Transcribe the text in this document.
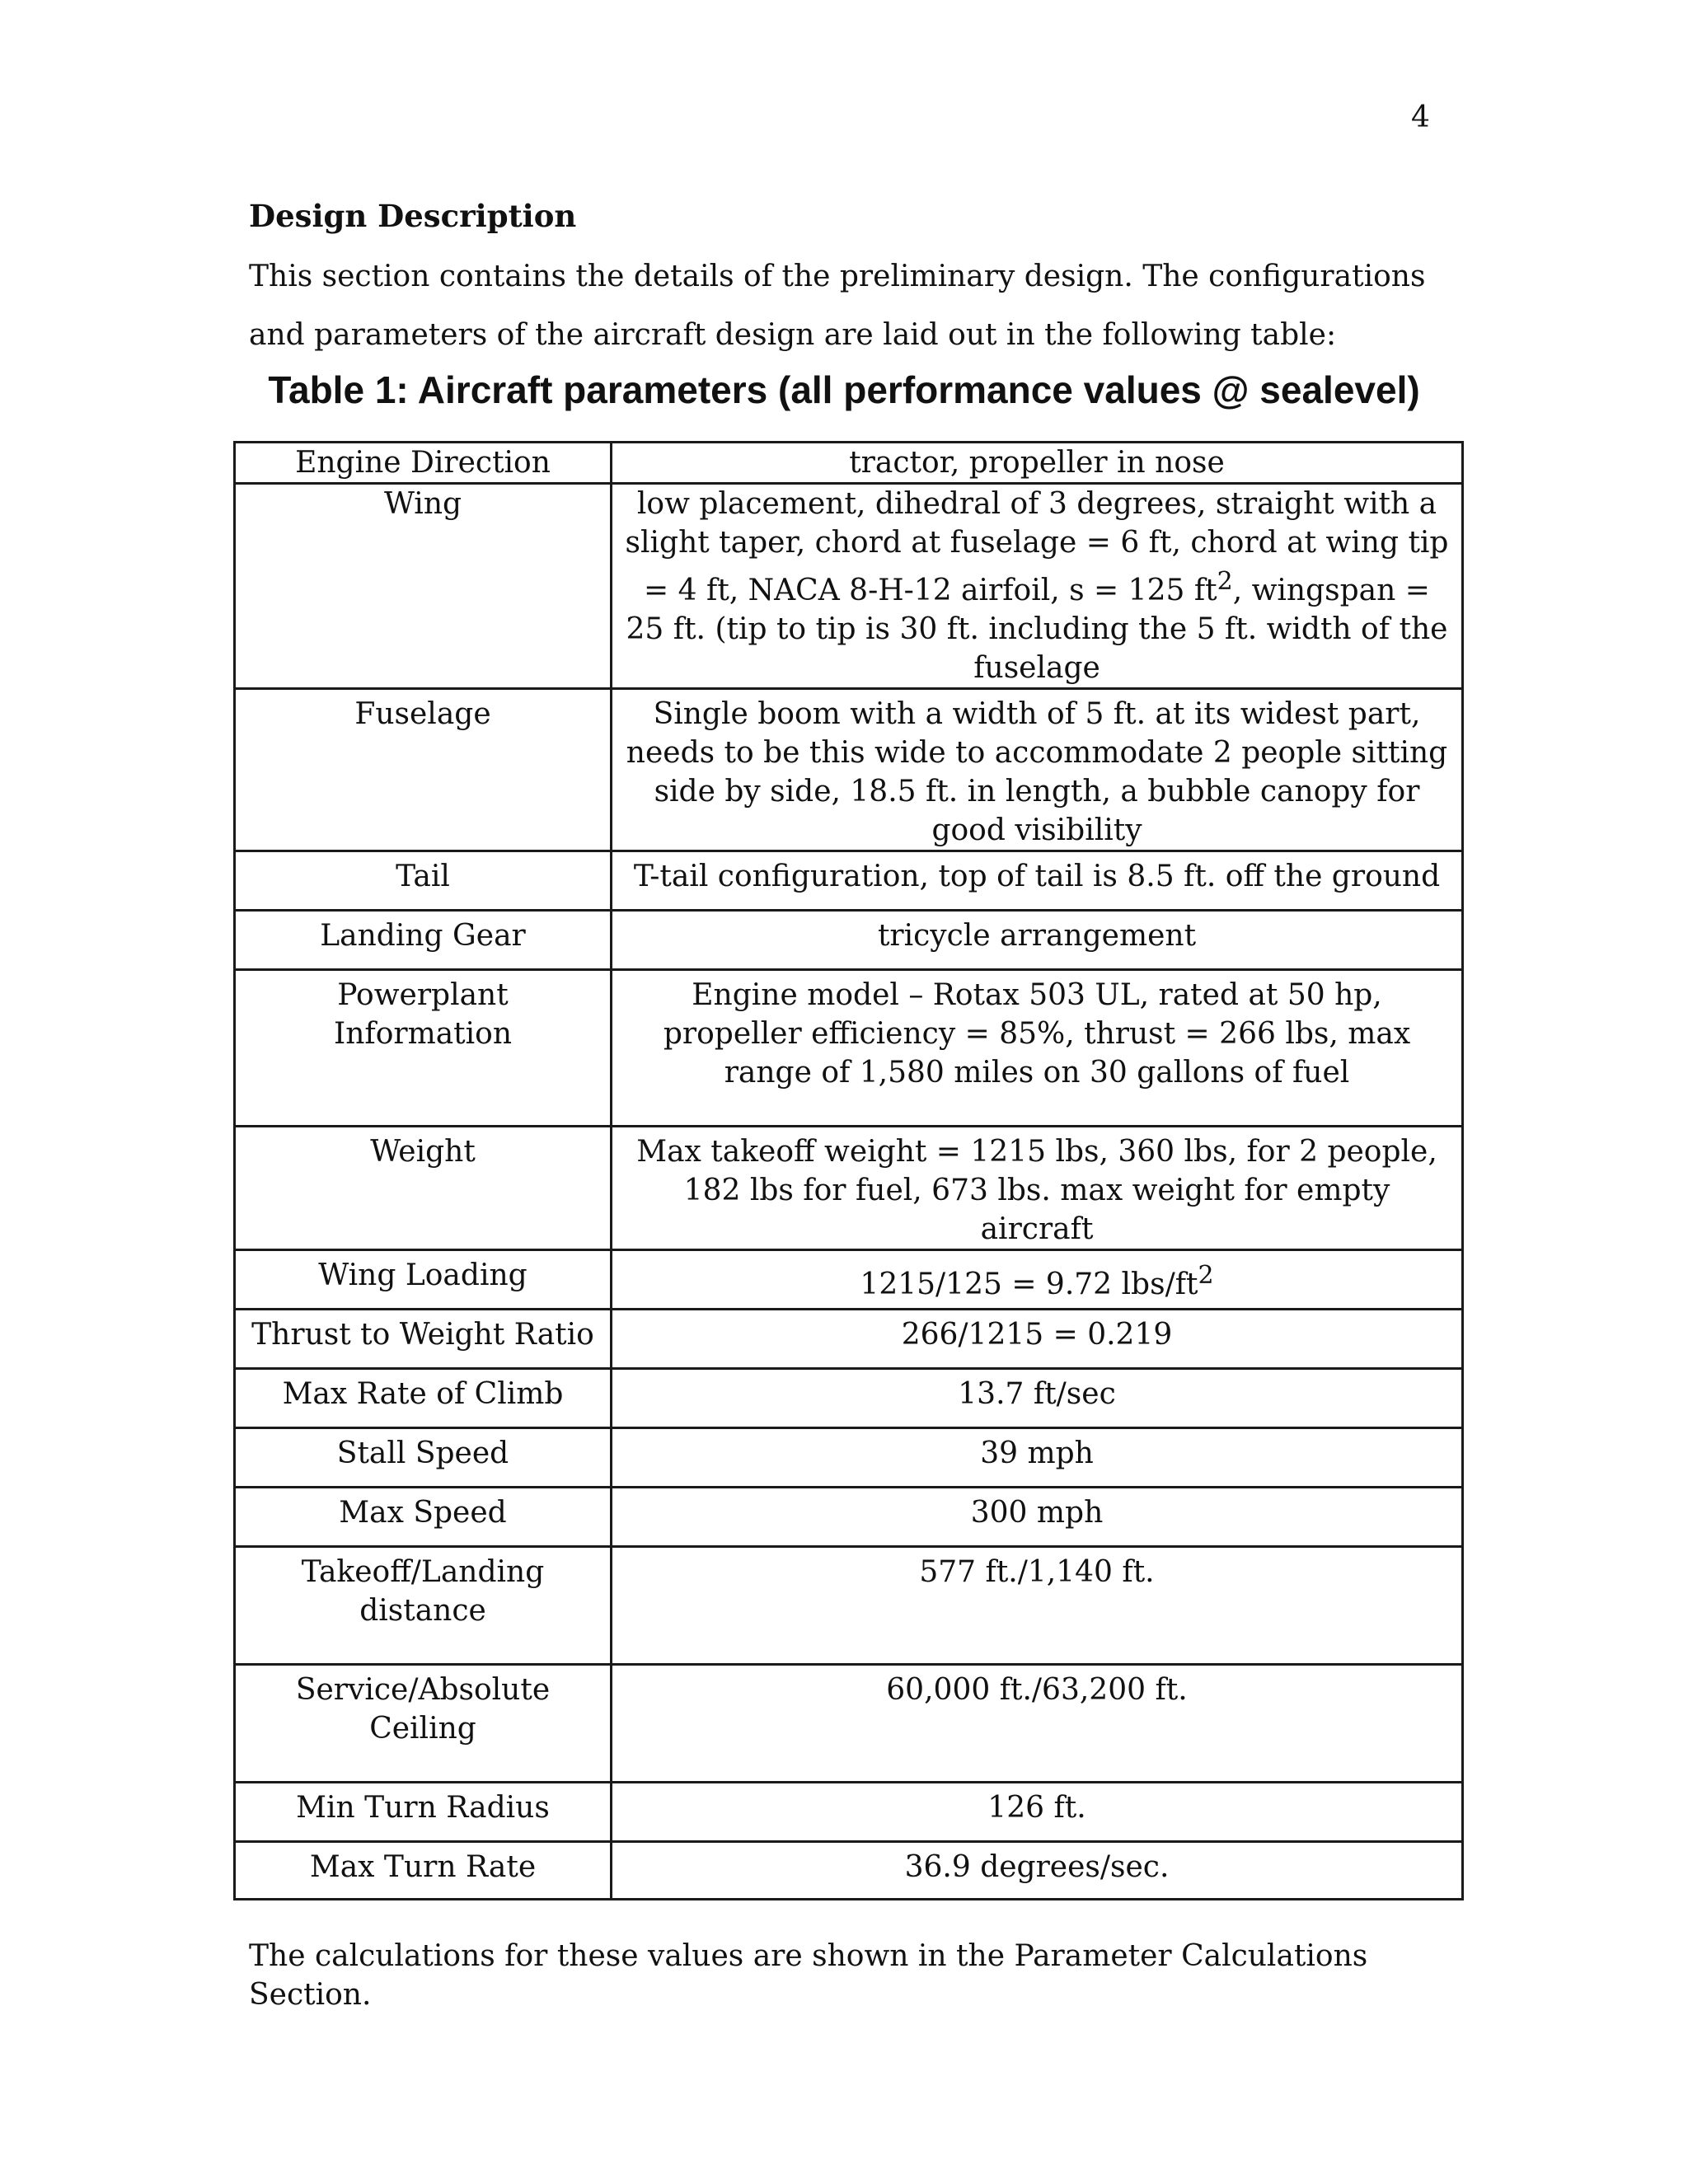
4
Design Description
This section contains the details of the preliminary design. The configurations and parameters of the aircraft design are laid out in the following table:
Table 1: Aircraft parameters (all performance values @ sealevel)
Engine Direction	tractor, propeller in nose
Wing	low placement, dihedral of 3 degrees, straight with a slight taper, chord at fuselage = 6 ft, chord at wing tip = 4 ft, NACA 8-H-12 airfoil, s = 125 $ft^2$, wingspan = 25 ft. (tip to tip is 30 ft. including the 5 ft. width of the fuselage
Fuselage	Single boom with a width of 5 ft. at its widest part, needs to be this wide to accommodate 2 people sitting side by side, 18.5 ft. in length, a bubble canopy for good visibility
Tail	T-tail configuration, top of tail is 8.5 ft. off the ground
Landing Gear	tricycle arrangement
Powerplant Information	Engine model – Rotax 503 UL, rated at 50 hp, propeller efficiency = 85%, thrust = 266 lbs, max range of 1,580 miles on 30 gallons of fuel
Weight	Max takeoff weight = 1215 lbs, 360 lbs, for 2 people, 182 lbs for fuel, 673 lbs. max weight for empty aircraft
Wing Loading	1215/125 = 9.72 lbs/$ft^2$
Thrust to Weight Ratio	266/1215 = 0.219
Max Rate of Climb	13.7 ft/sec
Stall Speed	39 mph
Max Speed	300 mph
Takeoff/Landing distance	577 ft./1,140 ft.
Service/Absolute Ceiling	60,000 ft./63,200 ft.
Min Turn Radius	126 ft.
Max Turn Rate	36.9 degrees/sec.
The calculations for these values are shown in the Parameter Calculations Section.
